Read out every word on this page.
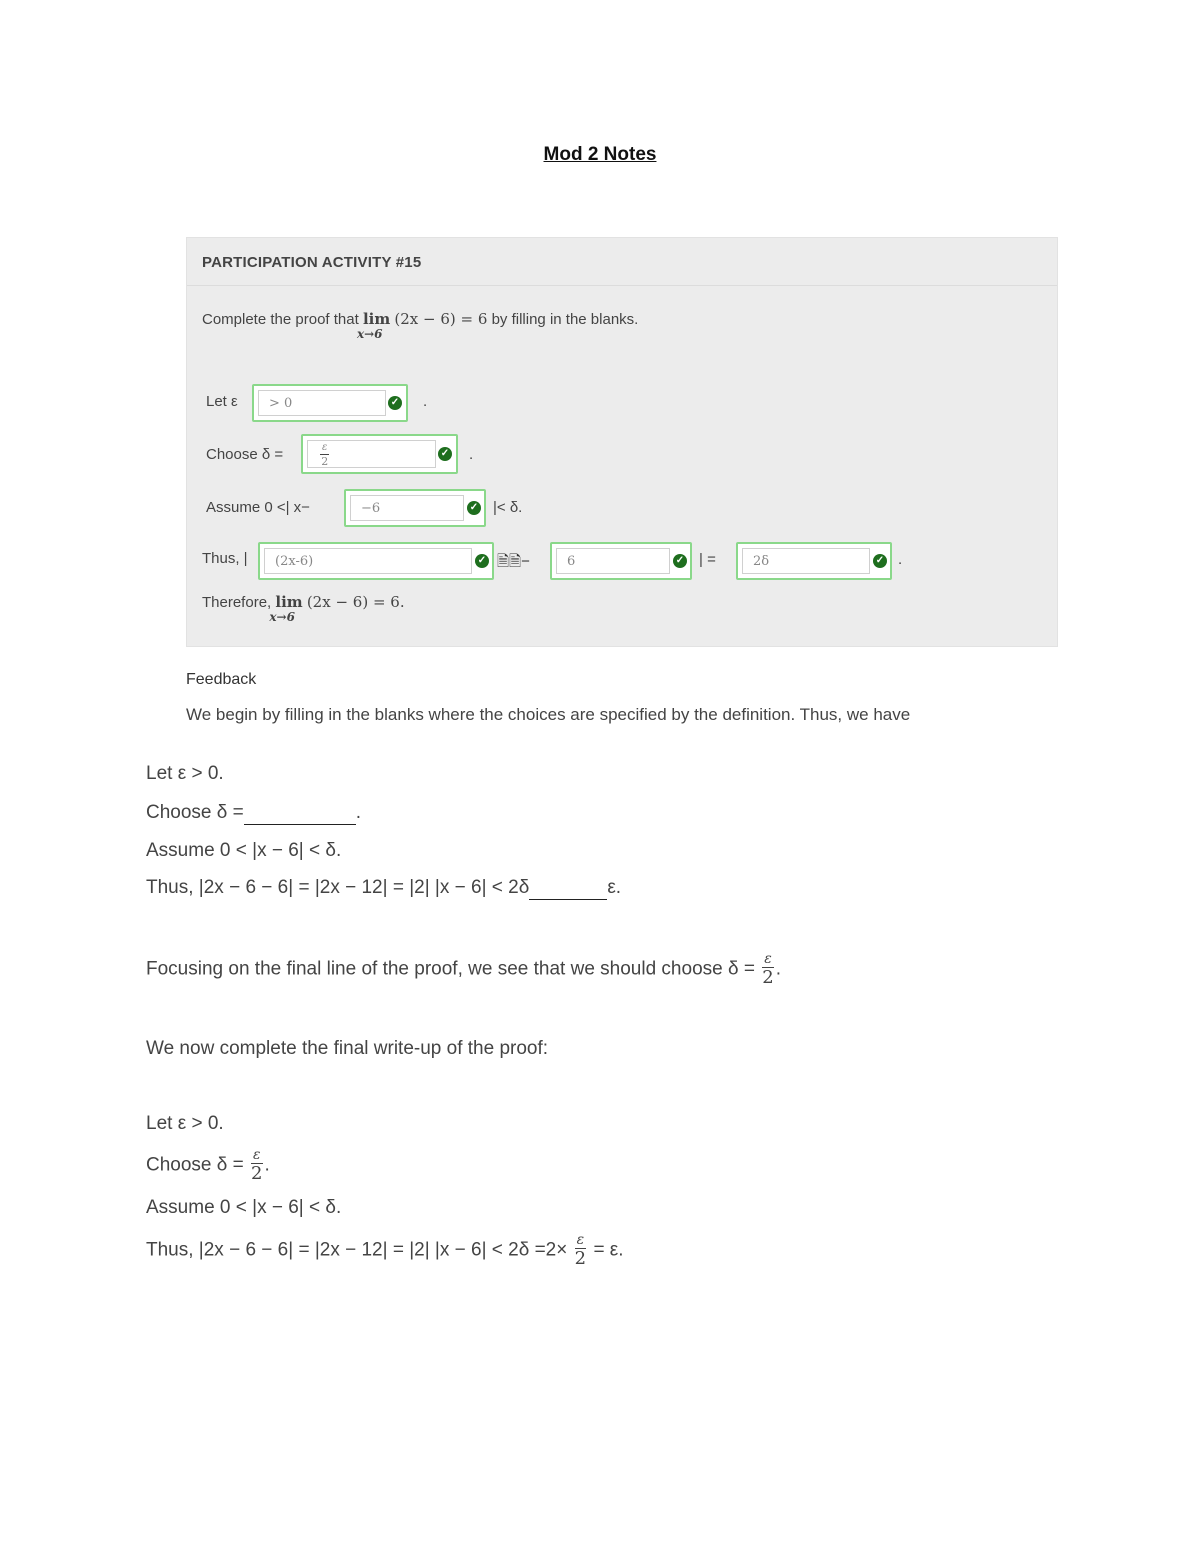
Mod 2 Notes
PARTICIPATION ACTIVITY #15
Complete the proof that lim
x→6
(2x − 6) = 6 by filling in the blanks.
Let ε	> 0	✓ .
Choose δ =	$\frac{\varepsilon}{2}$	✓ .
Assume 0 <| x−	−6	✓ |< δ.
Thus, |	(2x-6)	✓ 🗎🗎−	6	✓ | =	2δ	✓ .
Therefore, lim
x→6
(2x − 6) = 6.
Feedback
We begin by filling in the blanks where the choices are specified by the definition. Thus, we have
Let ε > 0.
Choose δ =	.
Assume 0 < |x − 6| < δ.
Thus, |2x − 6 − 6| = |2x − 12| = |2| |x − 6| < 2δ	ε.
Focusing on the final line of the proof, we see that we should choose $\delta = \frac{\varepsilon}{2}$ .
We now complete the final write-up of the proof:
Let ε > 0.
Choose $\delta = \frac{\varepsilon}{2}$ .
Assume 0 < |x − 6| < δ.
Thus, |2x − 6 − 6| = |2x − 12| = |2| $|x - 6| < 2\delta =2\times \frac{\varepsilon}{2} = \varepsilon$.
